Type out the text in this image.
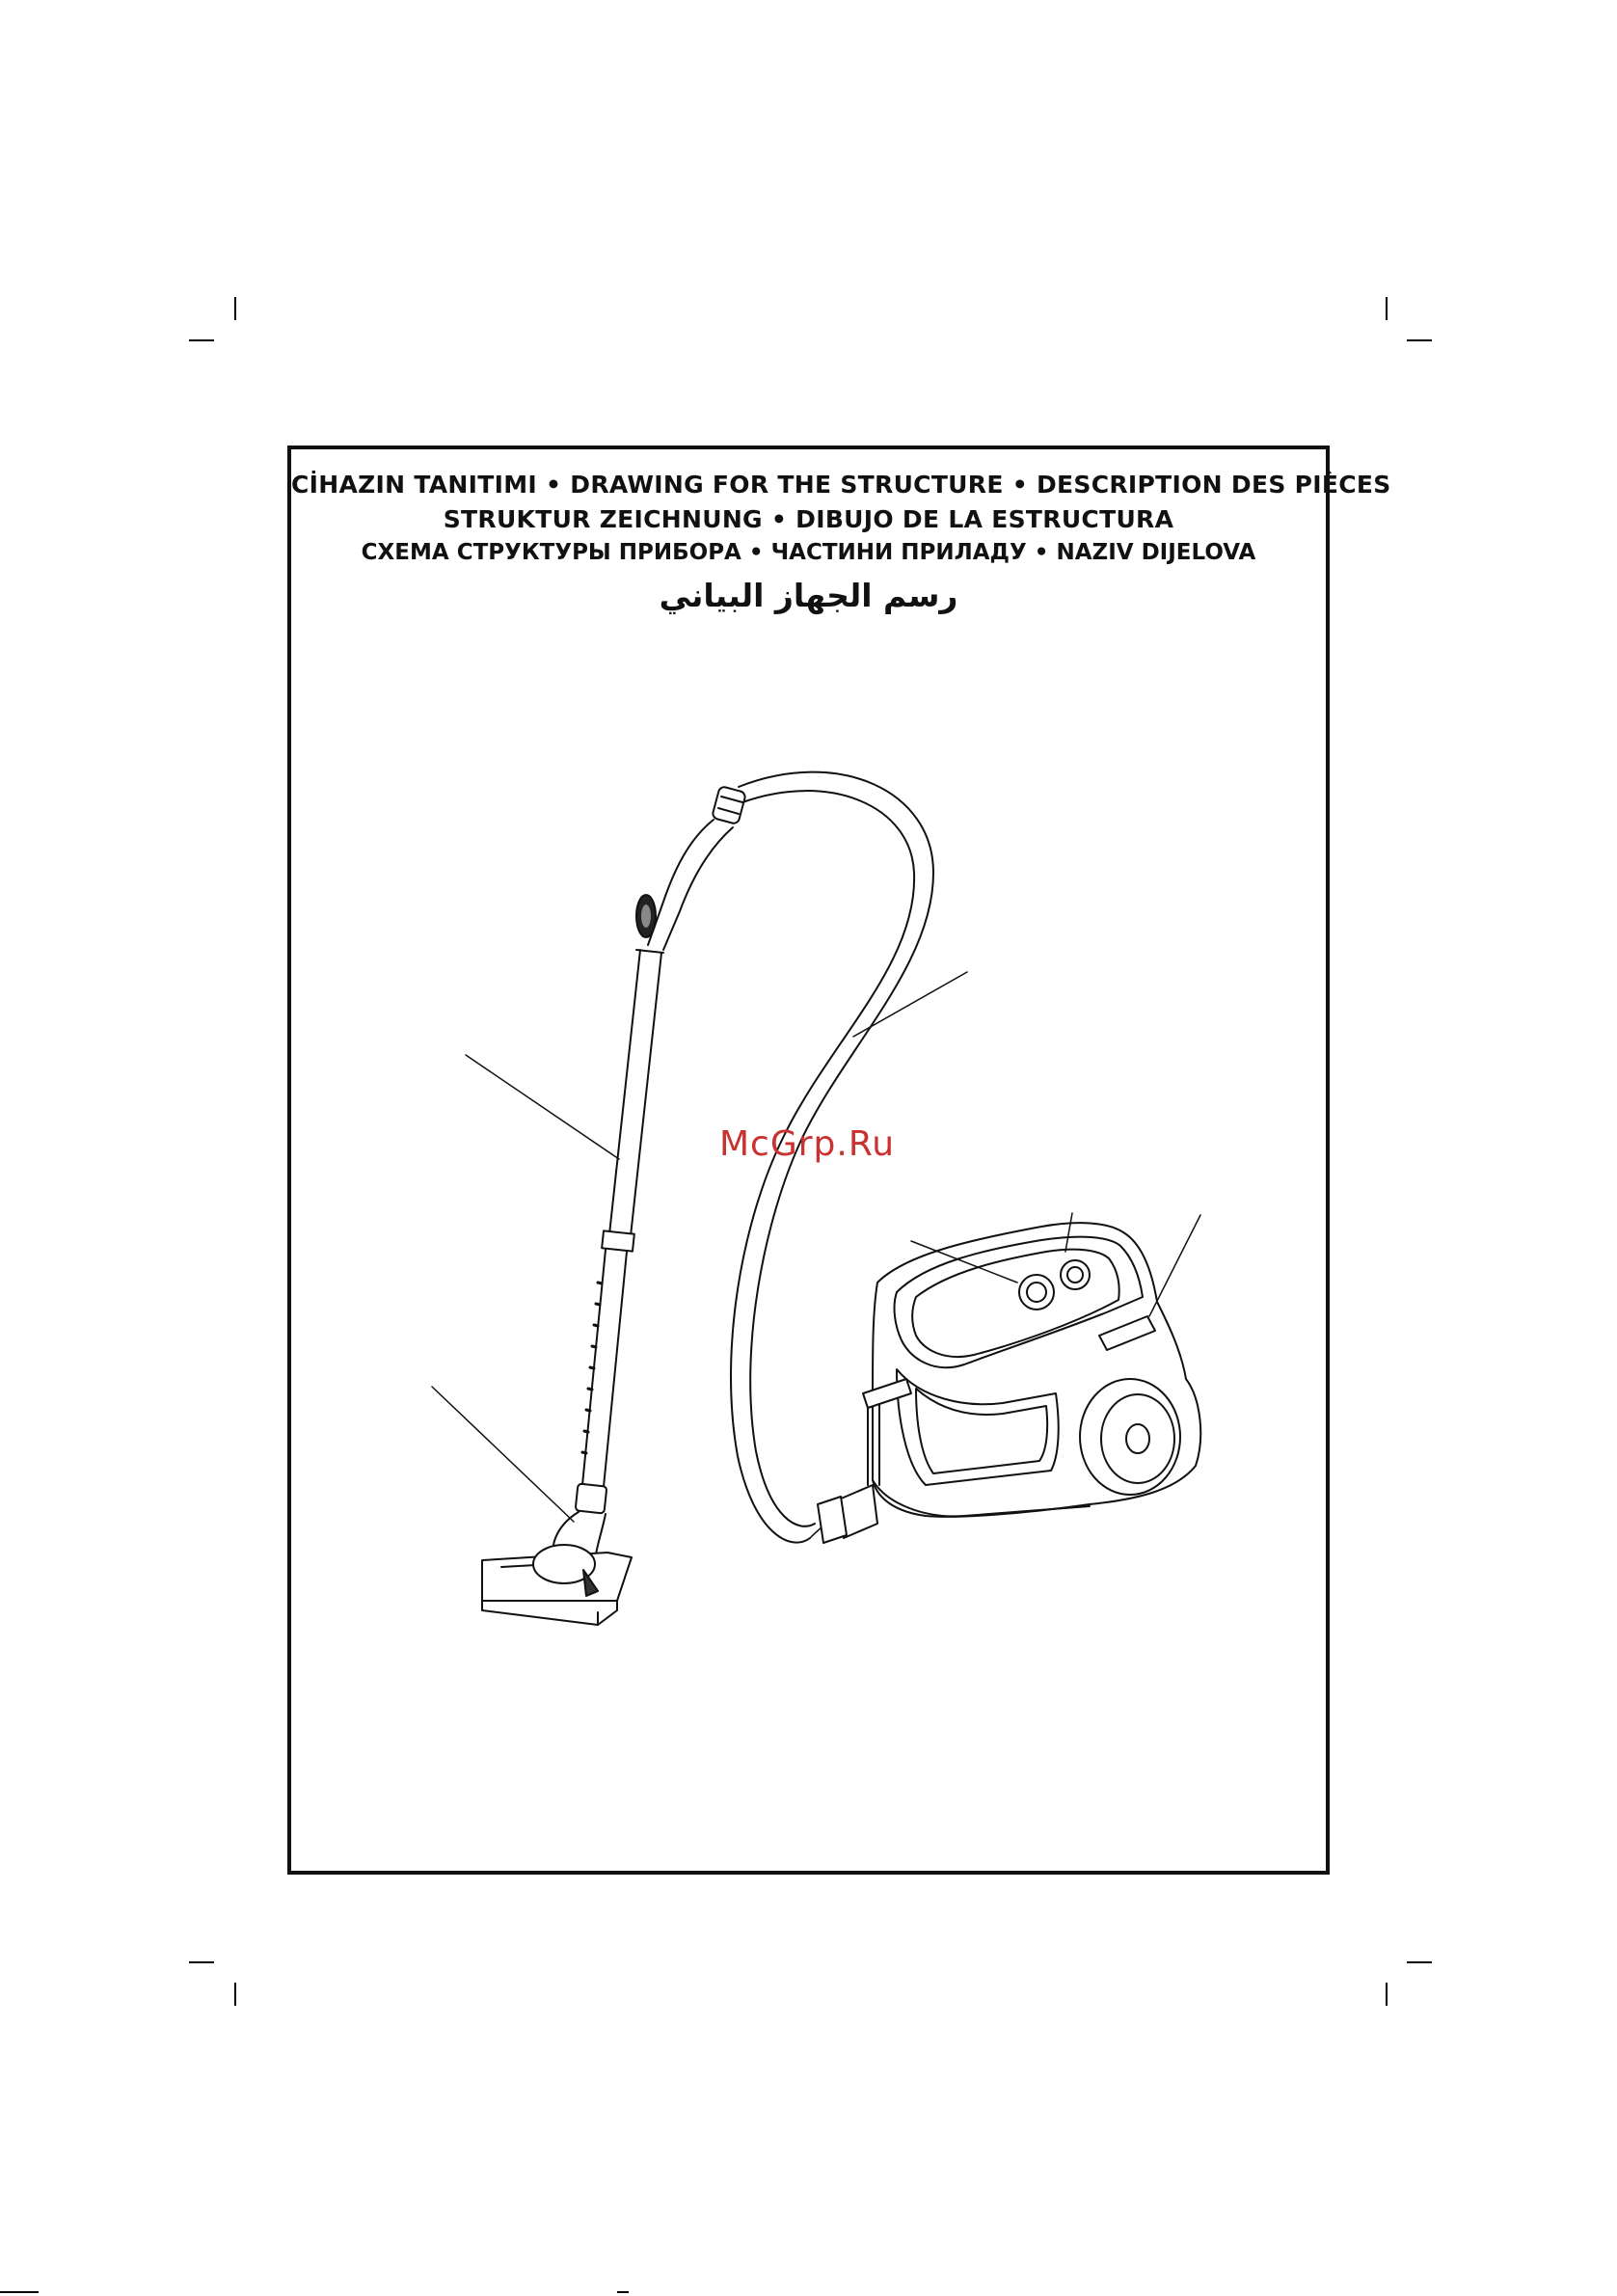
CİHAZIN TANITIMI • DRAWING FOR THE STRUCTURE • DESCRIPTION DES PIÈCES
STRUKTUR ZEICHNUNG • DIBUJO DE LA ESTRUCTURA
СХЕМА СТРУКТУРЫ ПРИБОРА • ЧАСТИНИ ПРИЛАДУ • NAZIV DIJELOVA
رسم الجهاز البياني
McGrp.Ru
